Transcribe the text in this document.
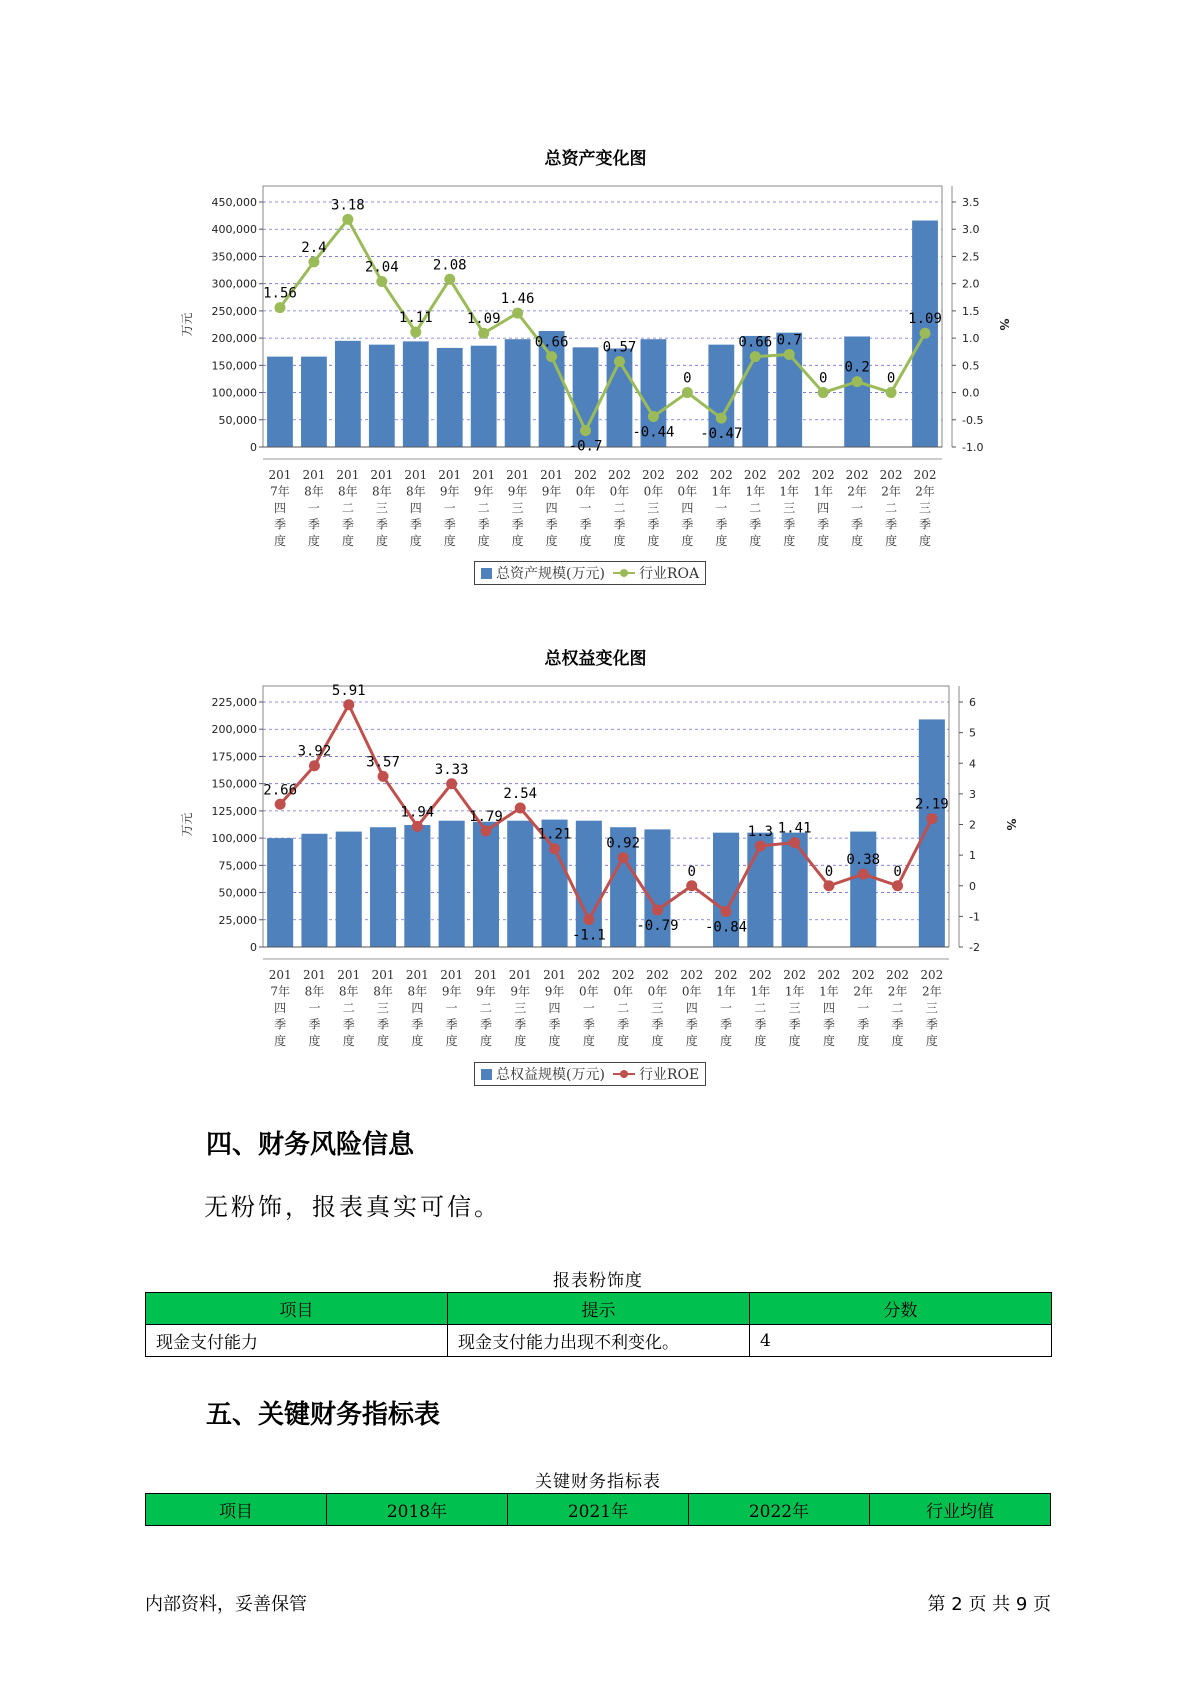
总资产变化图
0
50,000
100,000
150,000
200,000
250,000
300,000
350,000
400,000
450,000
-1.0
-0.5
0.0
0.5
1.0
1.5
2.0
2.5
3.0
3.5
万元	%
201 7年四季度
201 8年一季度
201 8年二季度
201 8年三季度
201 8年四季度
201 9年一季度
201 9年二季度
201 9年三季度
201 9年四季度
202 0年一季度
202 0年二季度
202 0年三季度
202 0年四季度
202 1年一季度
202 1年二季度
202 1年三季度
202 1年四季度
202 2年一季度
202 2年二季度
202 2年三季度
1.56
2.4
3.18
2.04
1.11
2.08
1.09
1.46
0.66
-0.7
0.57
-0.44
0
-0.47
0.66 0.7
0
0.2
0
1.09
总资产规模(万元) 行业ROA
总权益变化图
0
25,000
50,000
75,000
100,000
125,000
150,000
175,000
200,000
225,000
-2
-1
0
1
2
3
4
5
6
万元	%
201 7年四季度
201 8年一季度
201 8年二季度
201 8年三季度
201 8年四季度
201 9年一季度
201 9年二季度
201 9年三季度
201 9年四季度
202 0年一季度
202 0年二季度
202 0年三季度
202 0年四季度
202 1年一季度
202 1年二季度
202 1年三季度
202 1年四季度
202 2年一季度
202 2年二季度
202 2年三季度
2.66
3.92
5.91
3.57
1.94
3.33
1.79
2.54
1.21
-1.1
0.92
-0.79
0
-0.84
1.3 1.41
0
0.38
0
2.19
总权益规模(万元) 行业ROE
四、财务风险信息
无粉饰，报表真实可信。
报表粉饰度
项目	提示	分数
现金支付能力	现金支付能力出现不利变化。	4
五、关键财务指标表
关键财务指标表
项目	2018年	2021年	2022年	行业均值
内部资料，妥善保管	第 2 页 共 9 页
